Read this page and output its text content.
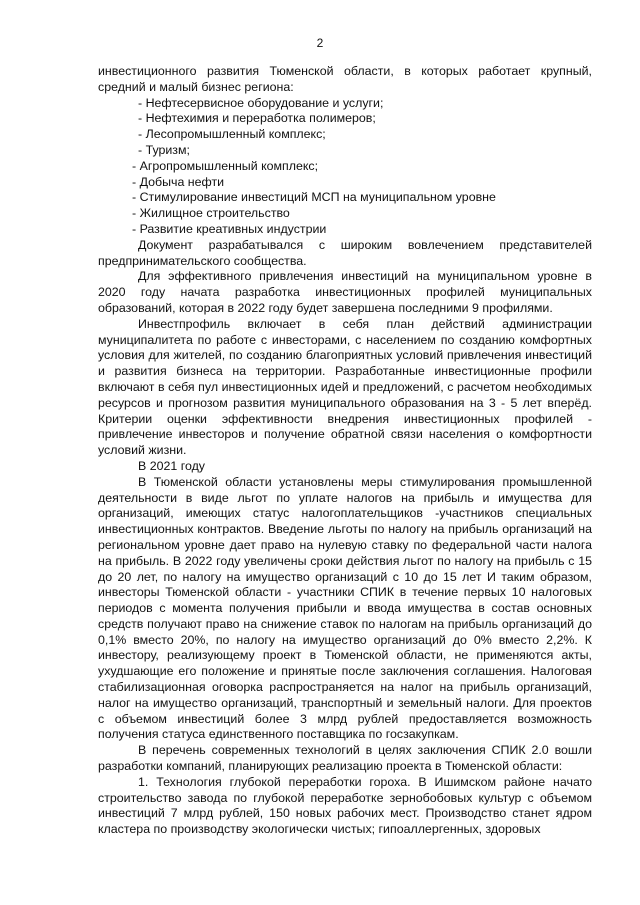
2

инвестиционного развития Тюменской области, в которых работает крупный, средний и малый бизнес региона:

- Нефтесервисное оборудование и услуги;
- Нефтехимия и переработка полимеров;
- Лесопромышленный комплекс;
- Туризм;
- Агропромышленный комплекс;
- Добыча нефти
- Стимулирование инвестиций МСП на муниципальном уровне
- Жилищное строительство
- Развитие креативных индустрии

Документ разрабатывался с широким вовлечением представителей предпринимательского сообщества.

Для эффективного привлечения инвестиций на муниципальном уровне в 2020 году начата разработка инвестиционных профилей муниципальных образований, которая в 2022 году будет завершена последними 9 профилями.

Инвестпрофиль включает в себя план действий администрации муниципалитета по работе с инвесторами, с населением по созданию комфортных условия для жителей, по созданию благоприятных условий привлечения инвестиций и развития бизнеса на территории. Разработанные инвестиционные профили включают в себя пул инвестиционных идей и предложений, с расчетом необходимых ресурсов и прогнозом развития муниципального образования на 3 - 5 лет вперёд. Критерии оценки эффективности внедрения инвестиционных профилей - привлечение инвесторов и получение обратной связи населения о комфортности условий жизни.

В 2021 году

В Тюменской области установлены меры стимулирования промышленной деятельности в виде льгот по уплате налогов на прибыль и имущества для организаций, имеющих статус налогоплательщиков -участников специальных инвестиционных контрактов. Введение льготы по налогу на прибыль организаций на региональном уровне дает право на нулевую ставку по федеральной части налога на прибыль. В 2022 году увеличены сроки действия льгот по налогу на прибыль с 15 до 20 лет, по налогу на имущество организаций с 10 до 15 лет И таким образом, инвесторы Тюменской области - участники СПИК в течение первых 10 налоговых периодов с момента получения прибыли и ввода имущества в состав основных средств получают право на снижение ставок по налогам на прибыль организаций до 0,1% вместо 20%, по налогу на имущество организаций до 0% вместо 2,2%. К инвестору, реализующему проект в Тюменской области, не применяются акты, ухудшающие его положение и принятые после заключения соглашения. Налоговая стабилизационная оговорка распространяется на налог на прибыль организаций, налог на имущество организаций, транспортный и земельный налоги. Для проектов с объемом инвестиций более 3 млрд рублей предоставляется возможность получения статуса единственного поставщика по госзакупкам.

В перечень современных технологий в целях заключения СПИК 2.0 вошли разработки компаний, планирующих реализацию проекта в Тюменской области:

1. Технология глубокой переработки гороха. В Ишимском районе начато строительство завода по глубокой переработке зернобобовых культур с объемом инвестиций 7 млрд рублей, 150 новых рабочих мест. Производство станет ядром кластера по производству экологически чистых; гипоаллергенных, здоровых
